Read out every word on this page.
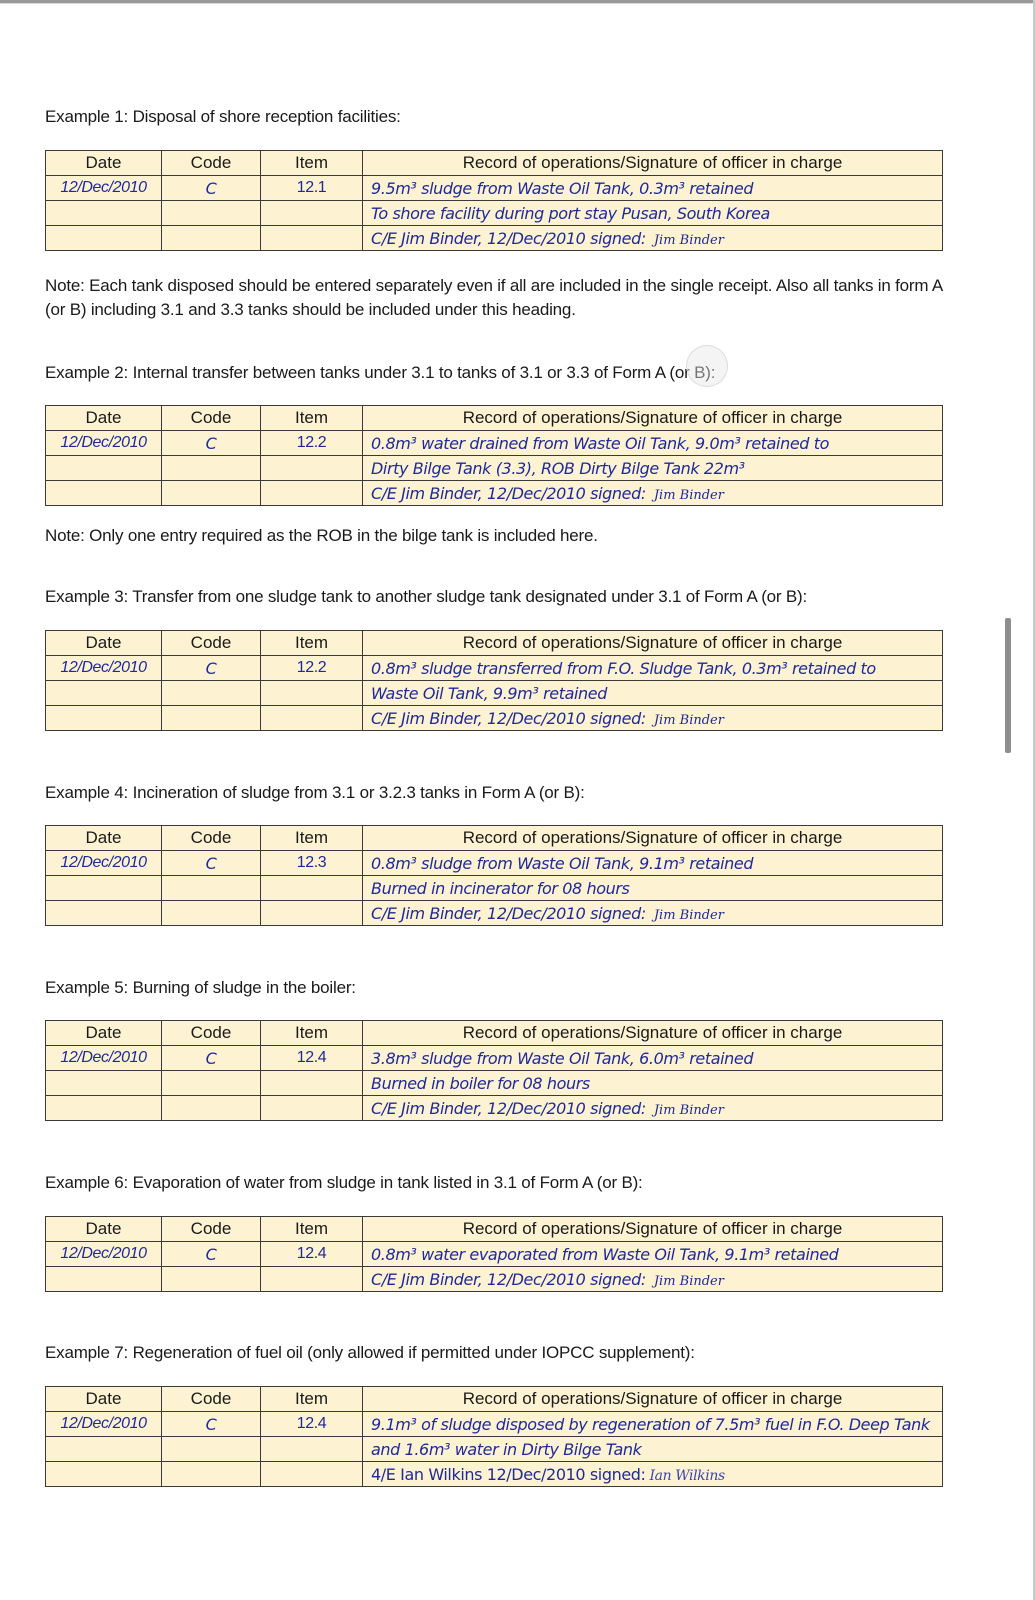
Example 1: Disposal of shore reception facilities:
Date	Code	Item	Record of operations/Signature of officer in charge
12/Dec/2010	C	12.1	9.5m³ sludge from Waste Oil Tank, 0.3m³ retained
			To shore facility during port stay Pusan, South Korea
			C/E Jim Binder, 12/Dec/2010 signed: Jim Binder
Note: Each tank disposed should be entered separately even if all are included in the single receipt. Also all tanks in form A (or B) including 3.1 and 3.3 tanks should be included under this heading.
Example 2: Internal transfer between tanks under 3.1 to tanks of 3.1 or 3.3 of Form A (or B):
Date	Code	Item	Record of operations/Signature of officer in charge
12/Dec/2010	C	12.2	0.8m³ water drained from Waste Oil Tank, 9.0m³ retained to
			Dirty Bilge Tank (3.3), ROB Dirty Bilge Tank 22m³
			C/E Jim Binder, 12/Dec/2010 signed: Jim Binder
Note: Only one entry required as the ROB in the bilge tank is included here.
Example 3: Transfer from one sludge tank to another sludge tank designated under 3.1 of Form A (or B):
Date	Code	Item	Record of operations/Signature of officer in charge
12/Dec/2010	C	12.2	0.8m³ sludge transferred from F.O. Sludge Tank, 0.3m³ retained to
			Waste Oil Tank, 9.9m³ retained
			C/E Jim Binder, 12/Dec/2010 signed: Jim Binder
Example 4: Incineration of sludge from 3.1 or 3.2.3 tanks in Form A (or B):
Date	Code	Item	Record of operations/Signature of officer in charge
12/Dec/2010	C	12.3	0.8m³ sludge from Waste Oil Tank, 9.1m³ retained
			Burned in incinerator for 08 hours
			C/E Jim Binder, 12/Dec/2010 signed: Jim Binder
Example 5: Burning of sludge in the boiler:
Date	Code	Item	Record of operations/Signature of officer in charge
12/Dec/2010	C	12.4	3.8m³ sludge from Waste Oil Tank, 6.0m³ retained
			Burned in boiler for 08 hours
			C/E Jim Binder, 12/Dec/2010 signed: Jim Binder
Example 6: Evaporation of water from sludge in tank listed in 3.1 of Form A (or B):
Date	Code	Item	Record of operations/Signature of officer in charge
12/Dec/2010	C	12.4	0.8m³ water evaporated from Waste Oil Tank, 9.1m³ retained
			C/E Jim Binder, 12/Dec/2010 signed: Jim Binder
Example 7: Regeneration of fuel oil (only allowed if permitted under IOPCC supplement):
Date	Code	Item	Record of operations/Signature of officer in charge
12/Dec/2010	C	12.4	9.1m³ of sludge disposed by regeneration of 7.5m³ fuel in F.O. Deep Tank
			and 1.6m³ water in Dirty Bilge Tank
			4/E Ian Wilkins 12/Dec/2010 signed: Ian Wilkins
